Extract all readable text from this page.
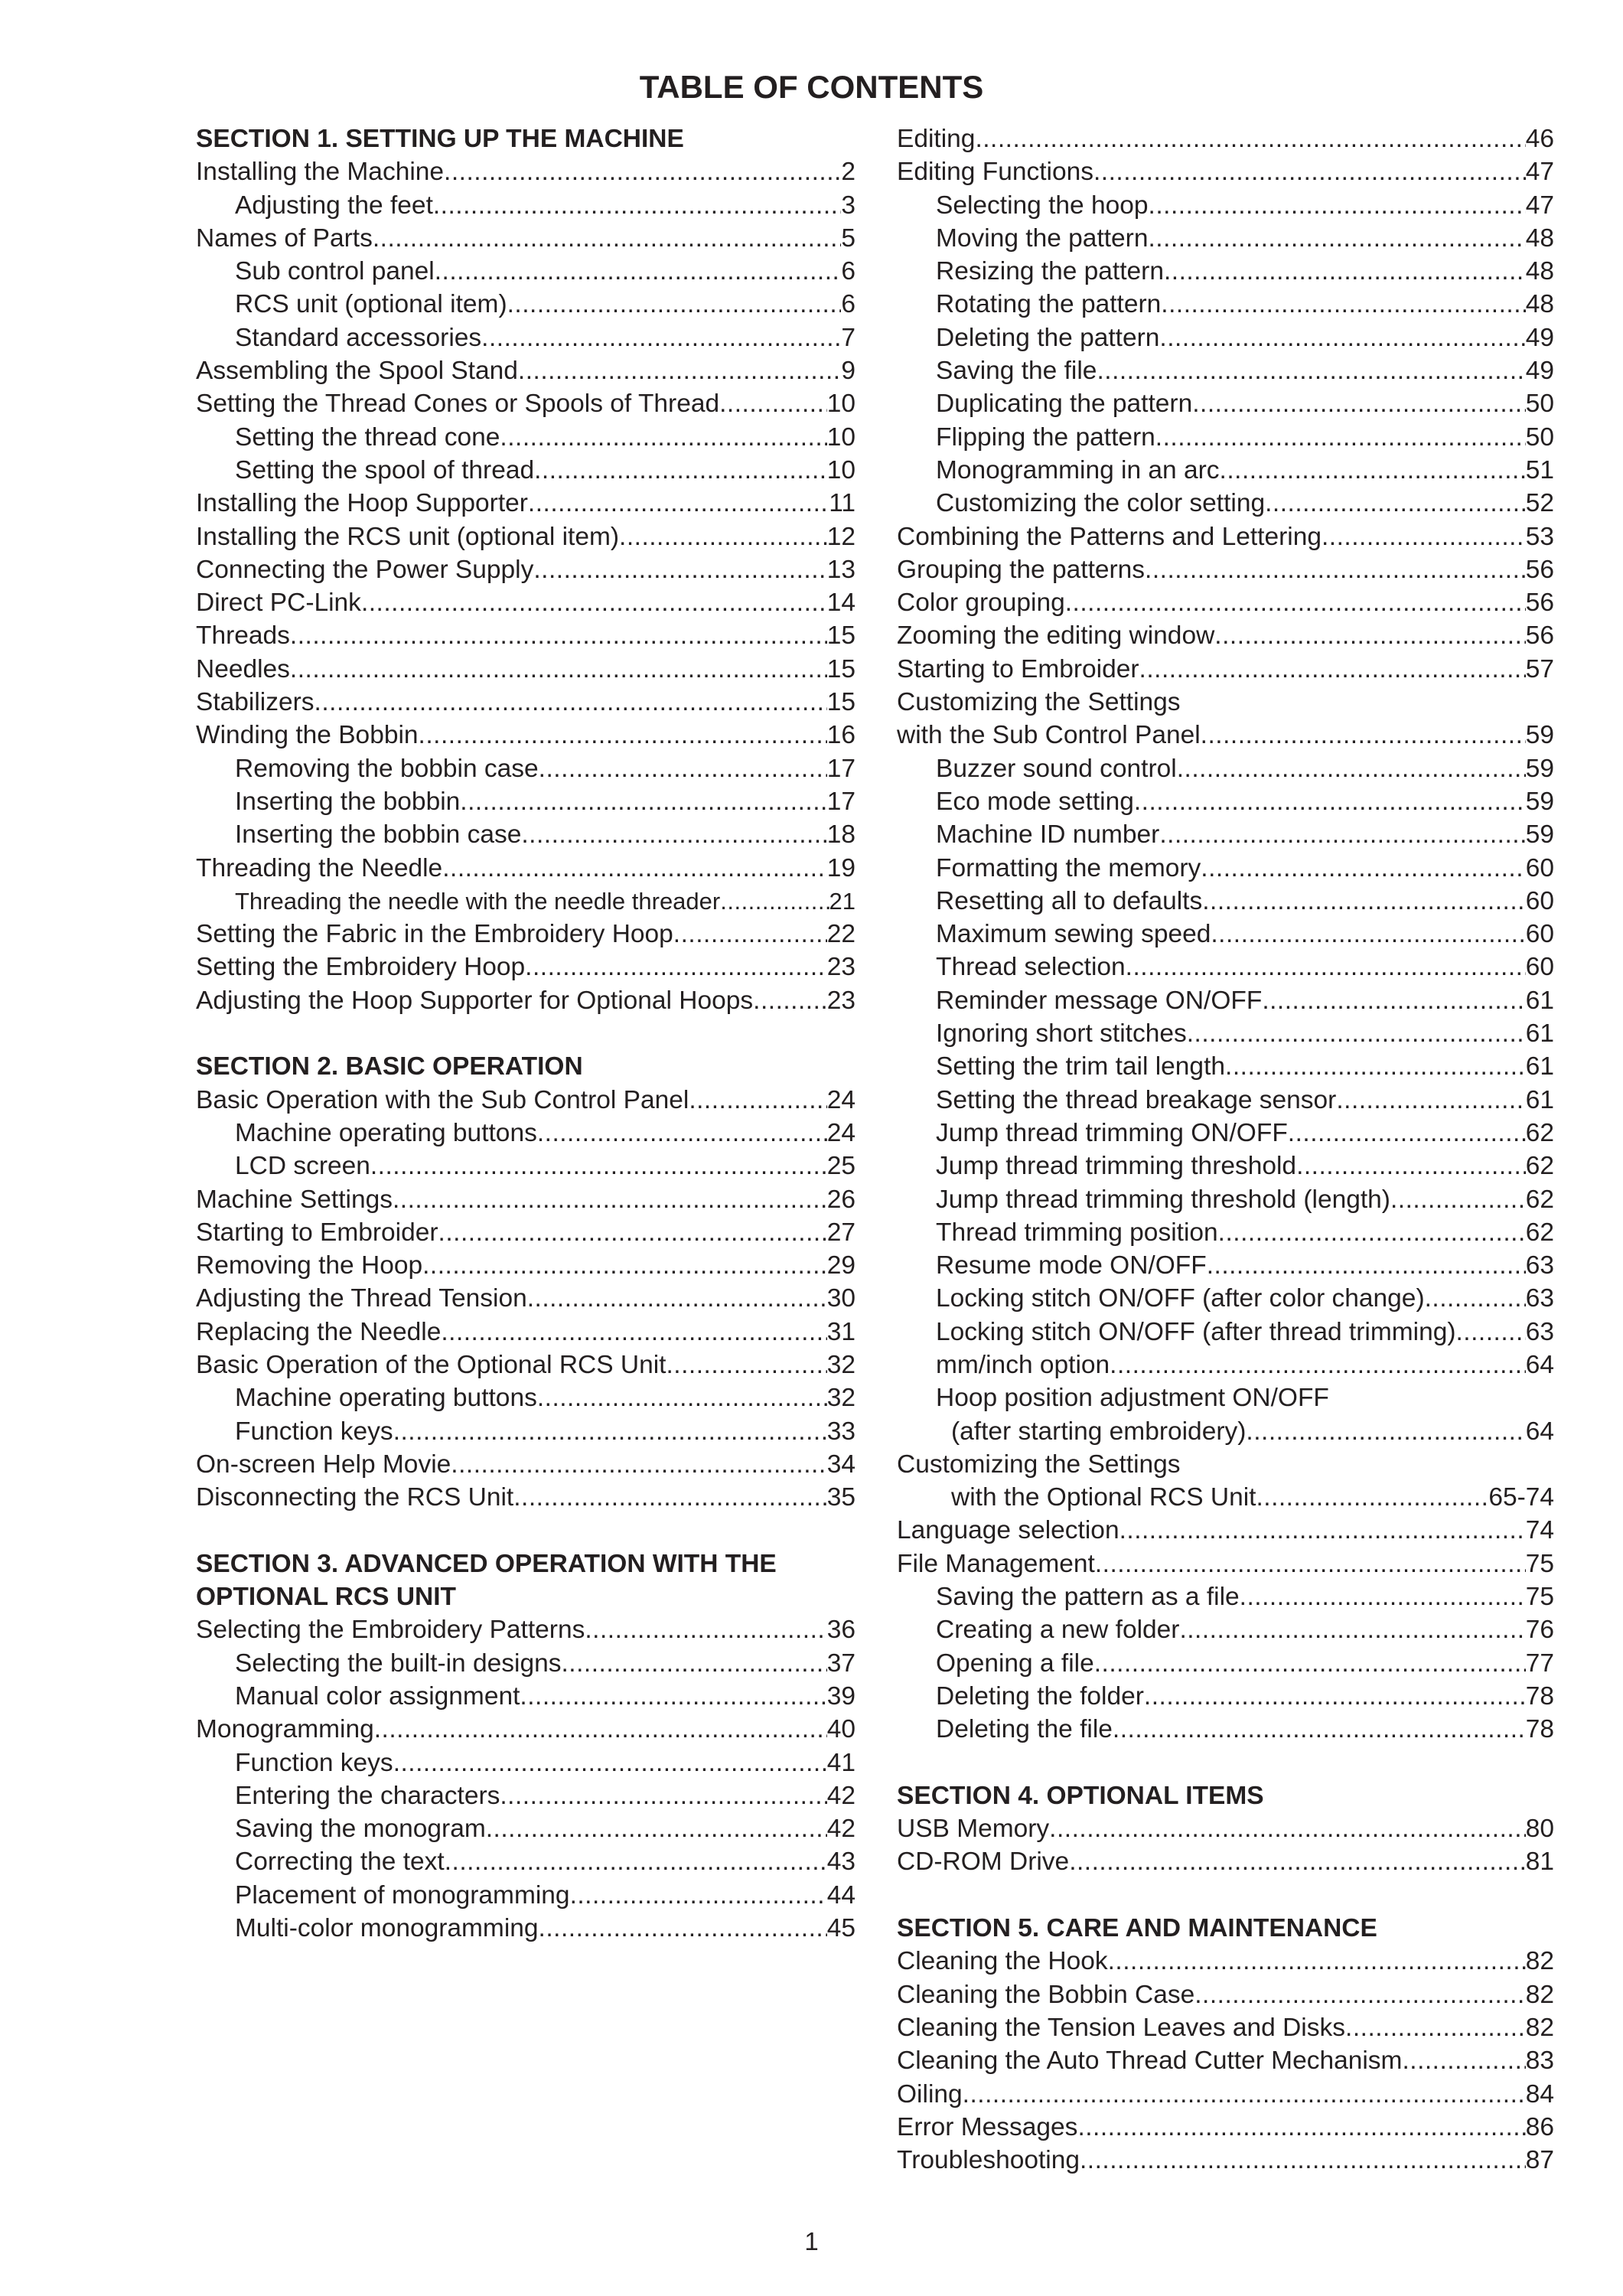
TABLE OF CONTENTS
SECTION 1. SETTING UP THE MACHINE
Installing the Machine .....	2
Adjusting the feet .....	3
Names of Parts .....	5
Sub control panel .....	6
RCS unit (optional item) .....	6
Standard accessories .....	7
Assembling the Spool Stand .....	9
Setting the Thread Cones or Spools of Thread .....	10
Setting the thread cone .....	10
Setting the spool of thread .....	10
Installing the Hoop Supporter .....	11
Installing the RCS unit (optional item) .....	12
Connecting the Power Supply .....	13
Direct PC-Link .....	14
Threads .....	15
Needles .....	15
Stabilizers .....	15
Winding the Bobbin .....	16
Removing the bobbin case .....	17
Inserting the bobbin .....	17
Inserting the bobbin case .....	18
Threading the Needle .....	19
Threading the needle with the needle threader .....	21
Setting the Fabric in the Embroidery Hoop .....	22
Setting the Embroidery Hoop .....	23
Adjusting the Hoop Supporter for Optional Hoops .....	23
SECTION 2. BASIC OPERATION
Basic Operation with the Sub Control Panel .....	24
Machine operating buttons .....	24
LCD screen .....	25
Machine Settings .....	26
Starting to Embroider .....	27
Removing the Hoop .....	29
Adjusting the Thread Tension .....	30
Replacing the Needle .....	31
Basic Operation of the Optional RCS Unit .....	32
Machine operating buttons .....	32
Function keys .....	33
On-screen Help Movie .....	34
Disconnecting the RCS Unit .....	35
SECTION 3. ADVANCED OPERATION WITH THE
OPTIONAL RCS UNIT
Selecting the Embroidery Patterns .....	36
Selecting the built-in designs .....	37
Manual color assignment .....	39
Monogramming .....	40
Function keys .....	41
Entering the characters .....	42
Saving the monogram .....	42
Correcting the text .....	43
Placement of monogramming .....	44
Multi-color monogramming .....	45
Editing .....	46
Editing Functions .....	47
Selecting the hoop .....	47
Moving the pattern .....	48
Resizing the pattern .....	48
Rotating the pattern .....	48
Deleting the pattern .....	49
Saving the file .....	49
Duplicating the pattern .....	50
Flipping the pattern .....	50
Monogramming in an arc .....	51
Customizing the color setting .....	52
Combining the Patterns and Lettering .....	53
Grouping the patterns .....	56
Color grouping .....	56
Zooming the editing window .....	56
Starting to Embroider .....	57
Customizing the Settings
with the Sub Control Panel .....	59
Buzzer sound control .....	59
Eco mode setting .....	59
Machine ID number .....	59
Formatting the memory .....	60
Resetting all to defaults .....	60
Maximum sewing speed .....	60
Thread selection .....	60
Reminder message ON/OFF .....	61
Ignoring short stitches .....	61
Setting the trim tail length .....	61
Setting the thread breakage sensor .....	61
Jump thread trimming ON/OFF .....	62
Jump thread trimming threshold .....	62
Jump thread trimming threshold (length) .....	62
Thread trimming position .....	62
Resume mode ON/OFF .....	63
Locking stitch ON/OFF (after color change) .....	63
Locking stitch ON/OFF (after thread trimming) .....	63
mm/inch option .....	64
Hoop position adjustment ON/OFF
(after starting embroidery) .....	64
Customizing the Settings
with the Optional RCS Unit .....	65-74
Language selection .....	74
File Management .....	75
Saving the pattern as a file .....	75
Creating a new folder .....	76
Opening a file .....	77
Deleting the folder .....	78
Deleting the file .....	78
SECTION 4. OPTIONAL ITEMS
USB Memory .....	80
CD-ROM Drive .....	81
SECTION 5. CARE AND MAINTENANCE
Cleaning the Hook .....	82
Cleaning the Bobbin Case .....	82
Cleaning the Tension Leaves and Disks .....	82
Cleaning the Auto Thread Cutter Mechanism .....	83
Oiling .....	84
Error Messages .....	86
Troubleshooting .....	87
1
